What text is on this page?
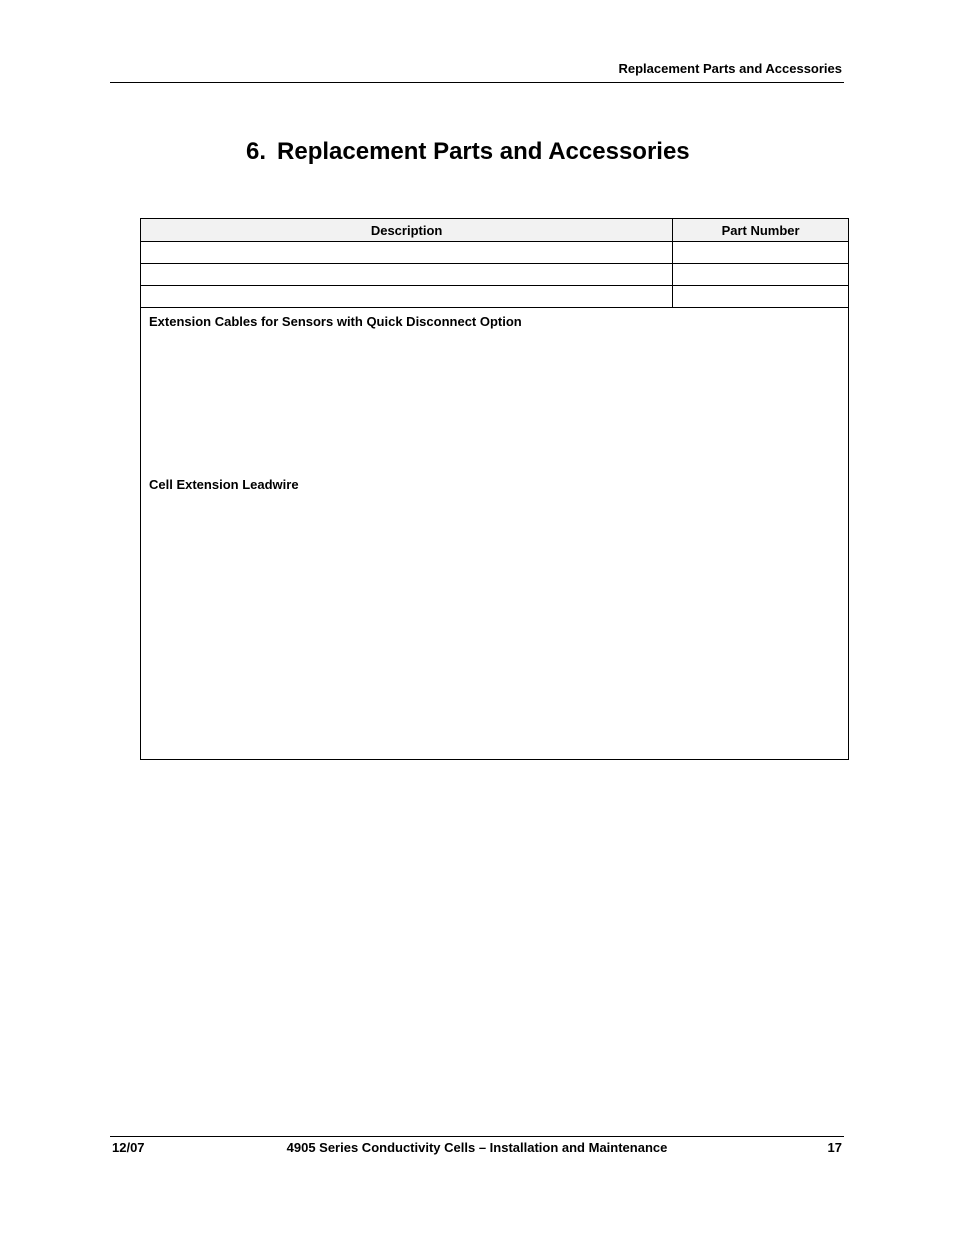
Replacement Parts and Accessories
6. Replacement Parts and Accessories
Description	Part Number

Extension Cables for Sensors with Quick Disconnect Option
Cell Extension Leadwire	
12/07	4905 Series Conductivity Cells – Installation and Maintenance	17
